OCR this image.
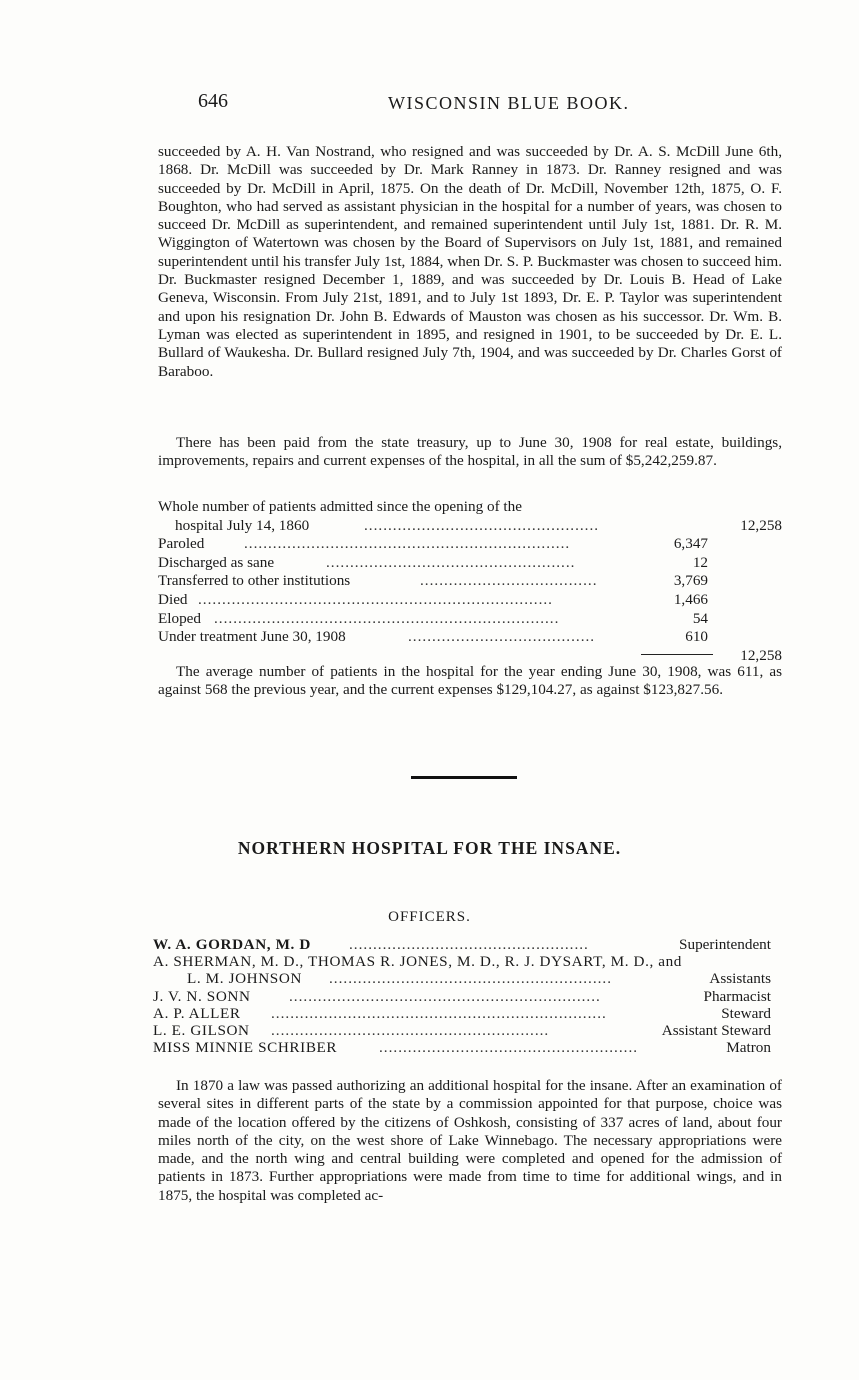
646	WISCONSIN BLUE BOOK.

succeeded by A. H. Van Nostrand, who resigned and was succeeded by Dr. A. S. McDill June 6th, 1868. Dr. McDill was succeeded by Dr. Mark Ranney in 1873. Dr. Ranney resigned and was succeeded by Dr. McDill in April, 1875. On the death of Dr. McDill, November 12th, 1875, O. F. Boughton, who had served as assistant physician in the hospital for a number of years, was chosen to succeed Dr. McDill as superintendent, and remained superintendent until July 1st, 1881. Dr. R. M. Wiggington of Watertown was chosen by the Board of Supervisors on July 1st, 1881, and remained superintendent until his transfer July 1st, 1884, when Dr. S. P. Buckmaster was chosen to succeed him. Dr. Buckmaster resigned December 1, 1889, and was succeeded by Dr. Louis B. Head of Lake Geneva, Wisconsin. From July 21st, 1891, and to July 1st 1893, Dr. E. P. Taylor was superintendent and upon his resignation Dr. John B. Edwards of Mauston was chosen as his successor. Dr. Wm. B. Lyman was elected as superintendent in 1895, and resigned in 1901, to be succeeded by Dr. E. L. Bullard of Waukesha. Dr. Bullard resigned July 7th, 1904, and was succeeded by Dr. Charles Gorst of Baraboo.

There has been paid from the state treasury, up to June 30, 1908 for real estate, buildings, improvements, repairs and current expenses of the hospital, in all the sum of $5,242,259.87.

Whole number of patients admitted since the opening of the
hospital July 14, 1860	.................................................	12,258
Paroled	....................................................................	6,347
Discharged as sane	....................................................	12
Transferred to other institutions	.....................................	3,769
Died ..........................................................................	1,466
Eloped ........................................................................	54
Under treatment June 30, 1908	.......................................	610
12,258

The average number of patients in the hospital for the year ending June 30, 1908, was 611, as against 568 the previous year, and the current expenses $129,104.27, as against $123,827.56.

NORTHERN HOSPITAL FOR THE INSANE.
OFFICERS.
W. A. GORDAN, M. D	..................................................	Superintendent
A. SHERMAN, M. D., THOMAS R. JONES, M. D., R. J. DYSART, M. D., and
L. M. JOHNSON ...........................................................	Assistants
J. V. N. SONN	.................................................................	Pharmacist
A. P. ALLER ......................................................................	Steward
L. E. GILSON ..........................................................	Assistant Steward
MISS MINNIE SCHRIBER	......................................................	Matron

In 1870 a law was passed authorizing an additional hospital for the insane. After an examination of several sites in different parts of the state by a commission appointed for that purpose, choice was made of the location offered by the citizens of Oshkosh, consisting of 337 acres of land, about four miles north of the city, on the west shore of Lake Winnebago. The necessary appropriations were made, and the north wing and central building were completed and opened for the admission of patients in 1873. Further appropriations were made from time to time for additional wings, and in 1875, the hospital was completed ac-
